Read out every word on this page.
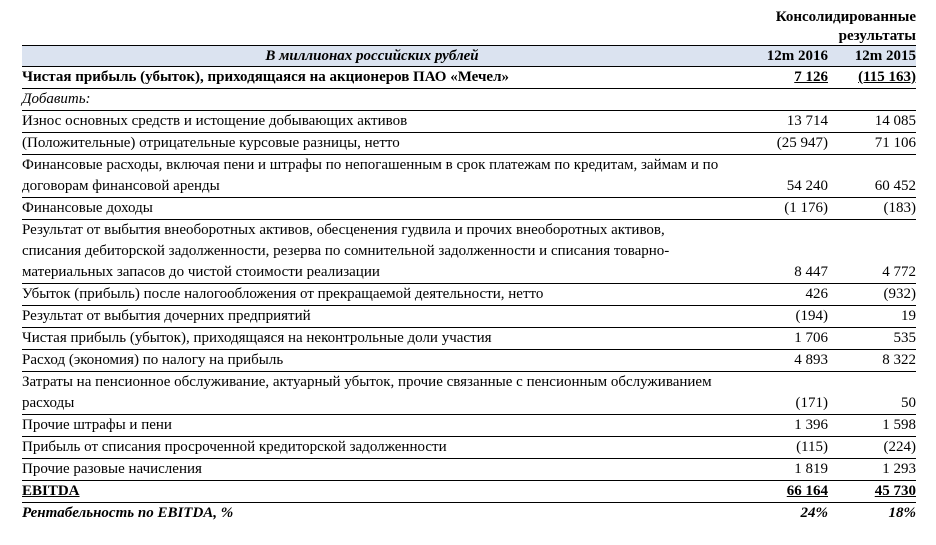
Консолидированные результаты
В миллионах российских рублей	12m 2016	12m 2015
Чистая прибыль (убыток), приходящаяся на акционеров ПАО «Мечел»	7 126	(115 163)
Добавить:
Износ основных средств и истощение добывающих активов	13 714	14 085
(Положительные) отрицательные курсовые разницы, нетто	(25 947)	71 106
Финансовые расходы, включая пени и штрафы по непогашенным в срок платежам по кредитам, займам и по договорам финансовой аренды	54 240	60 452
Финансовые доходы	(1 176)	(183)
Результат от выбытия внеоборотных активов, обесценения гудвила и прочих внеоборотных активов, списания дебиторской задолженности, резерва по сомнительной задолженности и списания товарно-материальных запасов до чистой стоимости реализации	8 447	4 772
Убыток (прибыль) после налогообложения от прекращаемой деятельности, нетто	426	(932)
Результат от выбытия дочерних предприятий	(194)	19
Чистая прибыль (убыток), приходящаяся на неконтрольные доли участия	1 706	535
Расход (экономия) по налогу на прибыль	4 893	8 322
Затраты на пенсионное обслуживание, актуарный убыток, прочие связанные с пенсионным обслуживанием расходы	(171)	50
Прочие штрафы и пени	1 396	1 598
Прибыль от списания просроченной кредиторской задолженности	(115)	(224)
Прочие разовые начисления	1 819	1 293
EBITDA	66 164	45 730
Рентабельность по EBITDA, %	24%	18%
